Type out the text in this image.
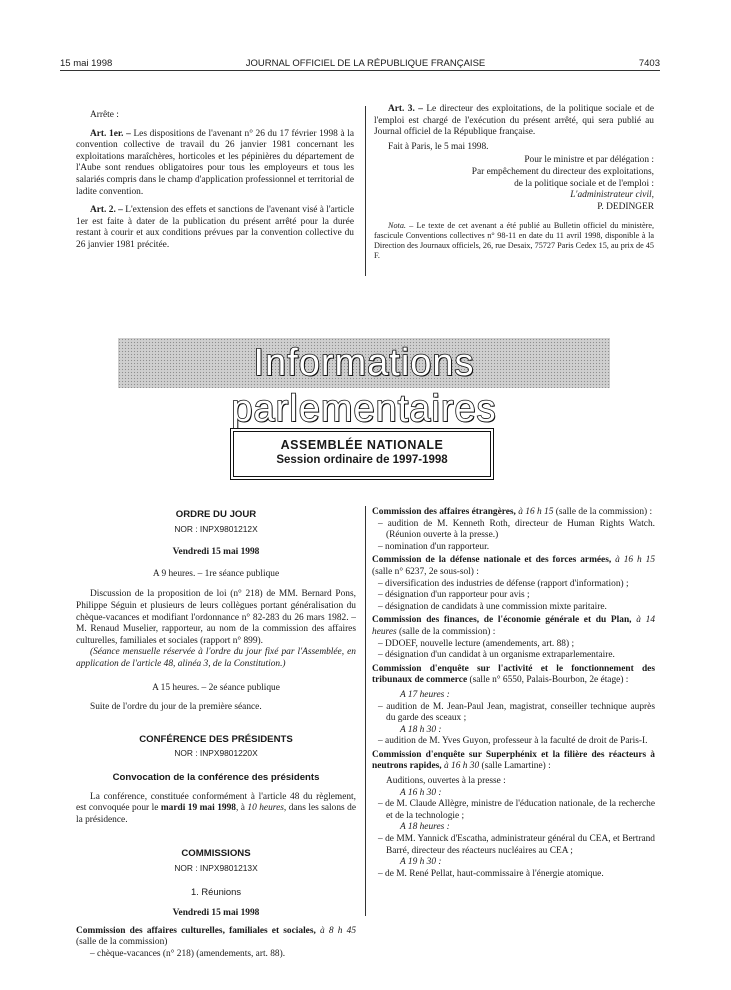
15 mai 1998	JOURNAL OFFICIEL DE LA RÉPUBLIQUE FRANÇAISE	7403

Arrête :

Art. 1er. – Les dispositions de l'avenant n° 26 du 17 février 1998 à la convention collective de travail du 26 janvier 1981 concernant les exploitations maraîchères, horticoles et les pépinières du département de l'Aube sont rendues obligatoires pour tous les employeurs et tous les salariés compris dans le champ d'application professionnel et territorial de ladite convention.

Art. 2. – L'extension des effets et sanctions de l'avenant visé à l'article 1er est faite à dater de la publication du présent arrêté pour la durée restant à courir et aux conditions prévues par la convention collective du 26 janvier 1981 précitée.

Art. 3. – Le directeur des exploitations, de la politique sociale et de l'emploi est chargé de l'exécution du présent arrêté, qui sera publié au Journal officiel de la République française.

Fait à Paris, le 5 mai 1998.

Pour le ministre et par délégation :

Par empêchement du directeur des exploitations,

de la politique sociale et de l'emploi :

L'administrateur civil,

P. DEDINGER

Nota. – Le texte de cet avenant a été publié au Bulletin officiel du ministère, fascicule Conventions collectives n° 98-11 en date du 11 avril 1998, disponible à la Direction des Journaux officiels, 26, rue Desaix, 75727 Paris Cedex 15, au prix de 45 F.

Informations parlementaires
ASSEMBLÉE NATIONALE
Session ordinaire de 1997-1998
ORDRE DU JOUR
NOR : INPX9801212X
Vendredi 15 mai 1998
A 9 heures. – 1re séance publique

Discussion de la proposition de loi (n° 218) de MM. Bernard Pons, Philippe Séguin et plusieurs de leurs collègues portant généralisation du chèque-vacances et modifiant l'ordonnance n° 82-283 du 26 mars 1982. – M. Renaud Muselier, rapporteur, au nom de la commission des affaires culturelles, familiales et sociales (rapport n° 899).

(Séance mensuelle réservée à l'ordre du jour fixé par l'Assemblée, en application de l'article 48, alinéa 3, de la Constitution.)

A 15 heures. – 2e séance publique

Suite de l'ordre du jour de la première séance.

CONFÉRENCE DES PRÉSIDENTS
NOR : INPX9801220X
Convocation de la conférence des présidents

La conférence, constituée conformément à l'article 48 du règlement, est convoquée pour le mardi 19 mai 1998, à 10 heures, dans les salons de la présidence.

COMMISSIONS
NOR : INPX9801213X
1. Réunions
Vendredi 15 mai 1998

Commission des affaires culturelles, familiales et sociales, à 8 h 45 (salle de la commission)

– chèque-vacances (n° 218) (amendements, art. 88).

Commission des affaires étrangères, à 16 h 15 (salle de la commission) :

– audition de M. Kenneth Roth, directeur de Human Rights Watch. (Réunion ouverte à la presse.)

– nomination d'un rapporteur.

Commission de la défense nationale et des forces armées, à 16 h 15 (salle n° 6237, 2e sous-sol) :

– diversification des industries de défense (rapport d'information) ;

– désignation d'un rapporteur pour avis ;

– désignation de candidats à une commission mixte paritaire.

Commission des finances, de l'économie générale et du Plan, à 14 heures (salle de la commission) :

– DDOEF, nouvelle lecture (amendements, art. 88) ;

– désignation d'un candidat à un organisme extraparlementaire.

Commission d'enquête sur l'activité et le fonctionnement des tribunaux de commerce (salle n° 6550, Palais-Bourbon, 2e étage) :

A 17 heures :

– audition de M. Jean-Paul Jean, magistrat, conseiller technique auprès du garde des sceaux ;

A 18 h 30 :

– audition de M. Yves Guyon, professeur à la faculté de droit de Paris-I.

Commission d'enquête sur Superphénix et la filière des réacteurs à neutrons rapides, à 16 h 30 (salle Lamartine) :

Auditions, ouvertes à la presse :

A 16 h 30 :

– de M. Claude Allègre, ministre de l'éducation nationale, de la recherche et de la technologie ;

A 18 heures :

– de MM. Yannick d'Escatha, administrateur général du CEA, et Bertrand Barré, directeur des réacteurs nucléaires au CEA ;

A 19 h 30 :

– de M. René Pellat, haut-commissaire à l'énergie atomique.
